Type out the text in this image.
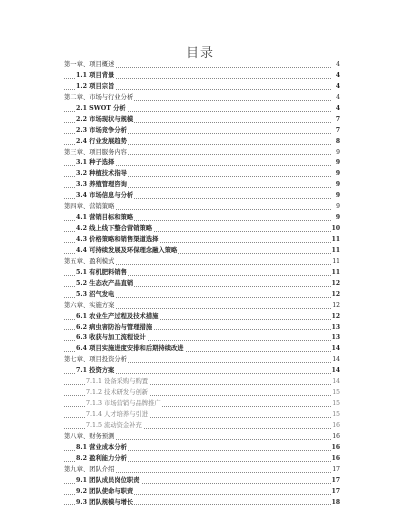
目录
第一章、项目概述	4
1.1 项目背景	4
1.2 项目宗旨	4
第二章、市场与行业分析	4
2.1 SWOT 分析	4
2.2 市场现状与规模	7
2.3 市场竞争分析	7
2.4 行业发展趋势	8
第三章、项目服务内容	9
3.1 种子选择	9
3.2 种植技术指导	9
3.3 养殖管理咨询	9
3.4 市场信息与分析	9
第四章、营销策略	9
4.1 营销目标和策略	9
4.2 线上线下整合营销策略	10
4.3 价格策略和销售渠道选择	11
4.4 可持续发展及环保理念融入策略	11
第五章、盈利模式	11
5.1 有机肥料销售	11
5.2 生态农产品直销	12
5.3 沼气发电	12
第六章、实施方案	12
6.1 农业生产过程及技术措施	12
6.2 病虫害防治与管理措施	13
6.3 收获与加工流程设计	13
6.4 项目实施进度安排和后期持续改进	14
第七章、项目投资分析	14
7.1 投资方案	14
7.1.1 设备采购与购置	14
7.1.2 技术研发与创新	15
7.1.3 市场营销与品牌推广	15
7.1.4 人才培养与引进	15
7.1.5 流动资金补充	16
第八章、财务预测	16
8.1 营业成本分析	16
8.2 盈利能力分析	16
第九章、团队介绍	17
9.1 团队成员岗位职责	17
9.2 团队使命与职责	17
9.3 团队规模与增长	18
